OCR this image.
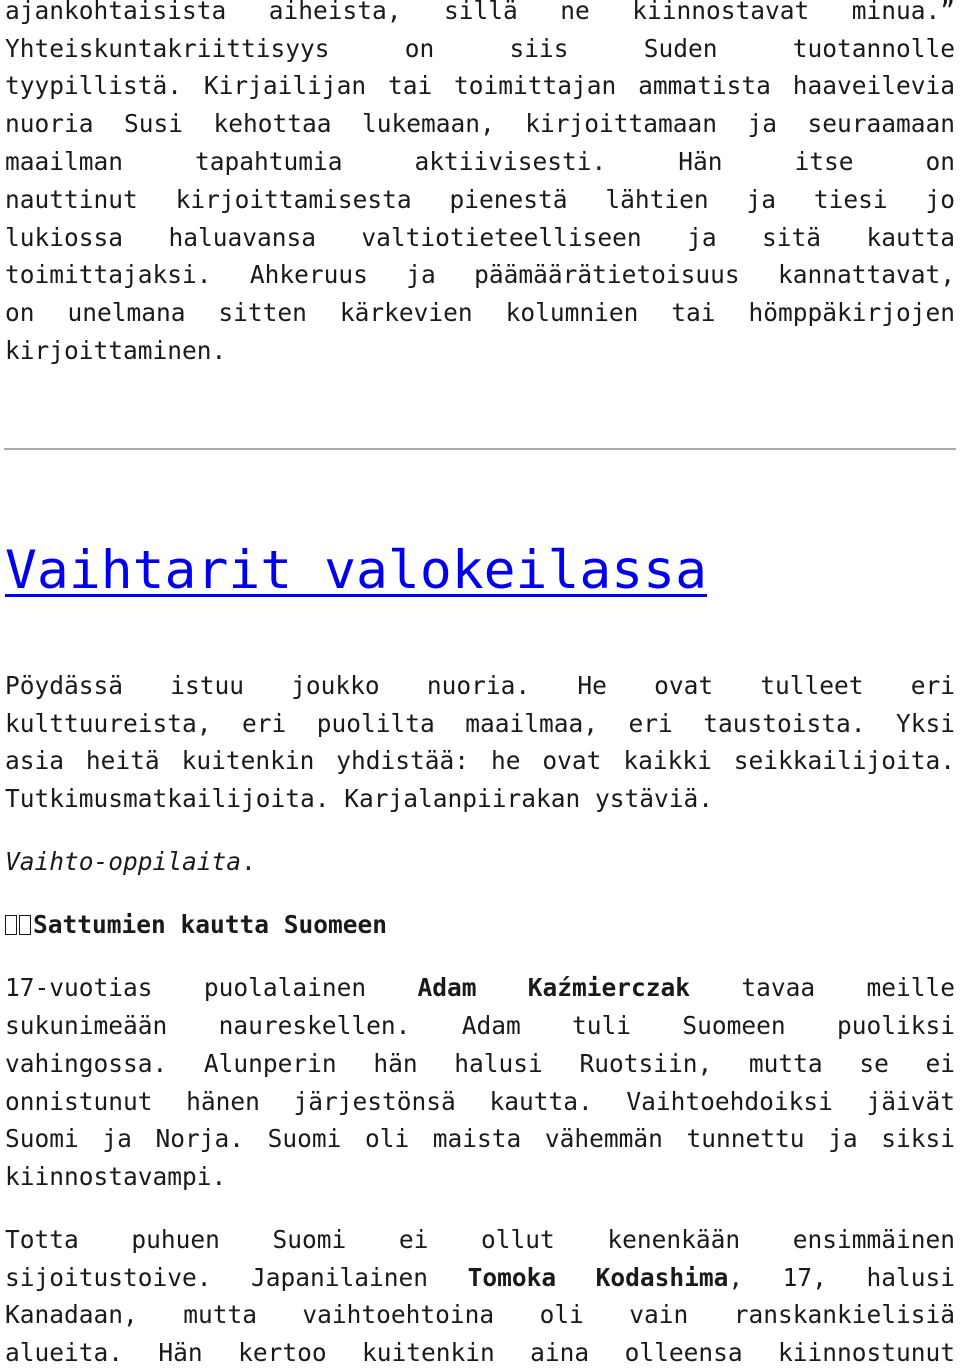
ajankohtaisista aiheista, sillä ne kiinnostavat minua.”
Yhteiskuntakriittisyys on siis Suden tuotannolle
tyypillistä. Kirjailijan tai toimittajan ammatista haaveilevia
nuoria Susi kehottaa lukemaan, kirjoittamaan ja seuraamaan
maailman tapahtumia aktiivisesti. Hän itse on
nauttinut kirjoittamisesta pienestä lähtien ja tiesi jo
lukiossa haluavansa valtiotieteelliseen ja sitä kautta
toimittajaksi. Ahkeruus ja päämäärätietoisuus kannattavat,
on unelmana sitten kärkevien kolumnien tai hömppäkirjojen
kirjoittaminen.
Vaihtarit valokeilassa
Pöydässä istuu joukko nuoria. He ovat tulleet eri
kulttuureista, eri puolilta maailmaa, eri taustoista. Yksi
asia heitä kuitenkin yhdistää: he ovat kaikki seikkailijoita.
Tutkimusmatkailijoita. Karjalanpiirakan ystäviä.
Vaihto-oppilaita.
Sattumien kautta Suomeen
17-vuotias puolalainen Adam Kaźmierczak tavaa meille
sukunimeään naureskellen. Adam tuli Suomeen puoliksi
vahingossa. Alunperin hän halusi Ruotsiin, mutta se ei
onnistunut hänen järjestönsä kautta. Vaihtoehdoiksi jäivät
Suomi ja Norja. Suomi oli maista vähemmän tunnettu ja siksi
kiinnostavampi.
Totta puhuen Suomi ei ollut kenenkään ensimmäinen
sijoitustoive. Japanilainen Tomoka Kodashima, 17, halusi
Kanadaan, mutta vaihtoehtoina oli vain ranskankielisiä
alueita. Hän kertoo kuitenkin aina olleensa kiinnostunut
